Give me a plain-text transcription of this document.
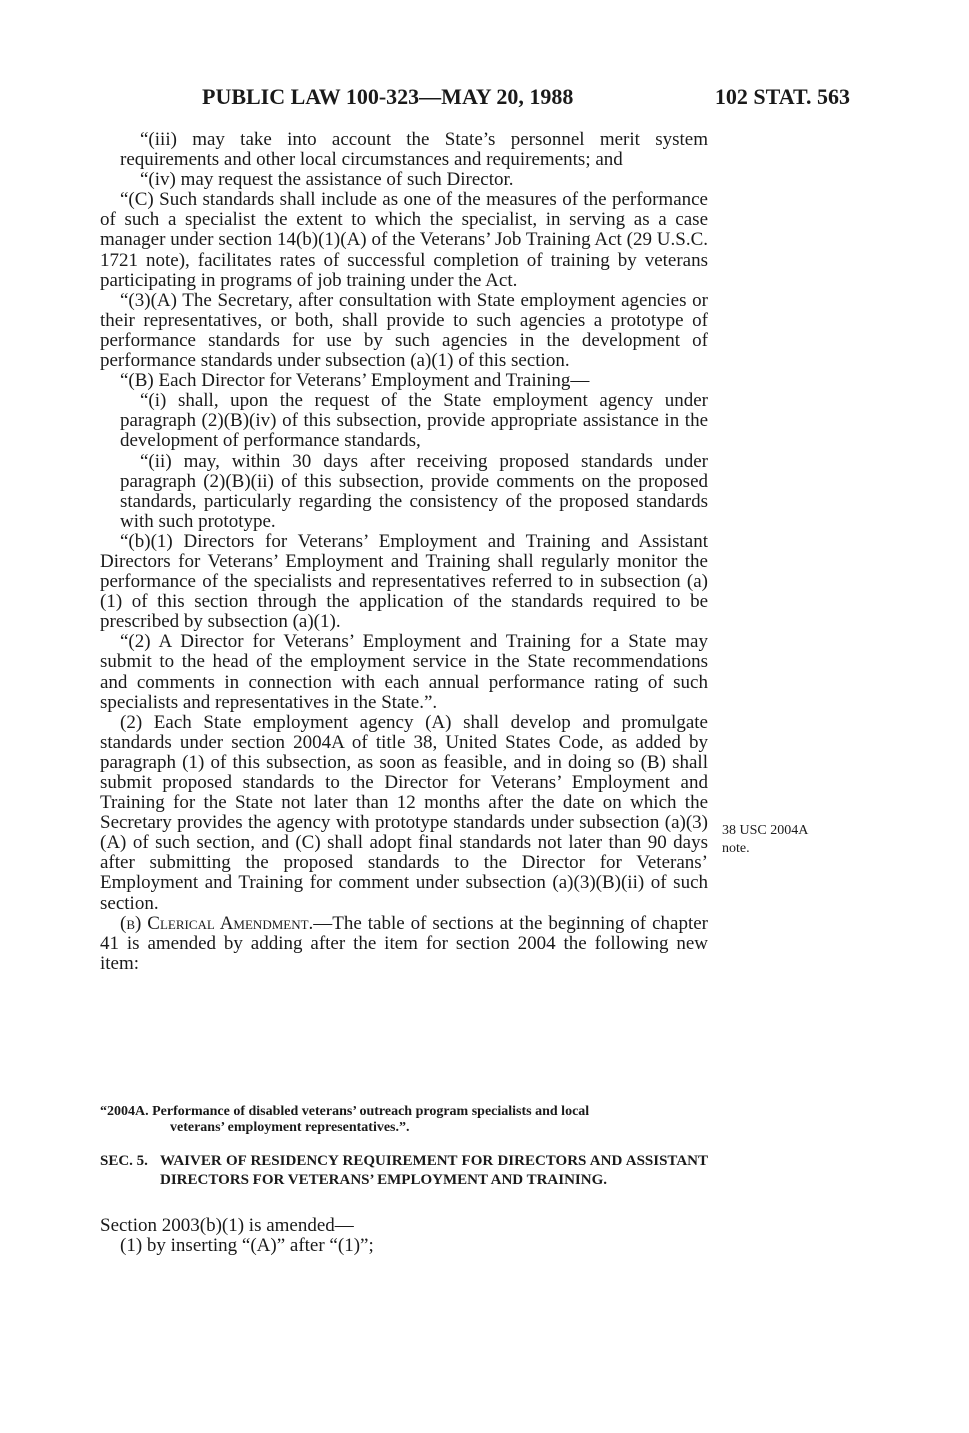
PUBLIC LAW 100-323—MAY 20, 1988	102 STAT. 563

“(iii) may take into account the State’s personnel merit system requirements and other local circumstances and requirements; and

“(iv) may request the assistance of such Director.

“(C) Such standards shall include as one of the measures of the performance of such a specialist the extent to which the specialist, in serving as a case manager under section 14(b)(1)(A) of the Veterans’ Job Training Act (29 U.S.C. 1721 note), facilitates rates of successful completion of training by veterans participating in programs of job training under the Act.

“(3)(A) The Secretary, after consultation with State employment agencies or their representatives, or both, shall provide to such agencies a prototype of performance standards for use by such agencies in the development of performance standards under subsection (a)(1) of this section.

“(B) Each Director for Veterans’ Employment and Training—

“(i) shall, upon the request of the State employment agency under paragraph (2)(B)(iv) of this subsection, provide appropriate assistance in the development of performance standards,

“(ii) may, within 30 days after receiving proposed standards under paragraph (2)(B)(ii) of this subsection, provide comments on the proposed standards, particularly regarding the consistency of the proposed standards with such prototype.

“(b)(1) Directors for Veterans’ Employment and Training and Assistant Directors for Veterans’ Employment and Training shall regularly monitor the performance of the specialists and representatives referred to in subsection (a)(1) of this section through the application of the standards required to be prescribed by subsection (a)(1).

“(2) A Director for Veterans’ Employment and Training for a State may submit to the head of the employment service in the State recommendations and comments in connection with each annual performance rating of such specialists and representatives in the State.”.

(2) Each State employment agency (A) shall develop and promulgate standards under section 2004A of title 38, United States Code, as added by paragraph (1) of this subsection, as soon as feasible, and in doing so (B) shall submit proposed standards to the Director for Veterans’ Employment and Training for the State not later than 12 months after the date on which the Secretary provides the agency with prototype standards under subsection (a)(3)(A) of such section, and (C) shall adopt final standards not later than 90 days after submitting the proposed standards to the Director for Veterans’ Employment and Training for comment under subsection (a)(3)(B)(ii) of such section.

(b) Clerical Amendment.—The table of sections at the beginning of chapter 41 is amended by adding after the item for section 2004 the following new item:

38 USC 2004A
note.
“2004A. Performance of disabled veterans’ outreach program specialists and local
veterans’ employment representatives.”.
SEC. 5. WAIVER OF RESIDENCY REQUIREMENT FOR DIRECTORS AND ASSISTANT DIRECTORS FOR VETERANS’ EMPLOYMENT AND TRAINING.

Section 2003(b)(1) is amended—

(1) by inserting “(A)” after “(1)”;
